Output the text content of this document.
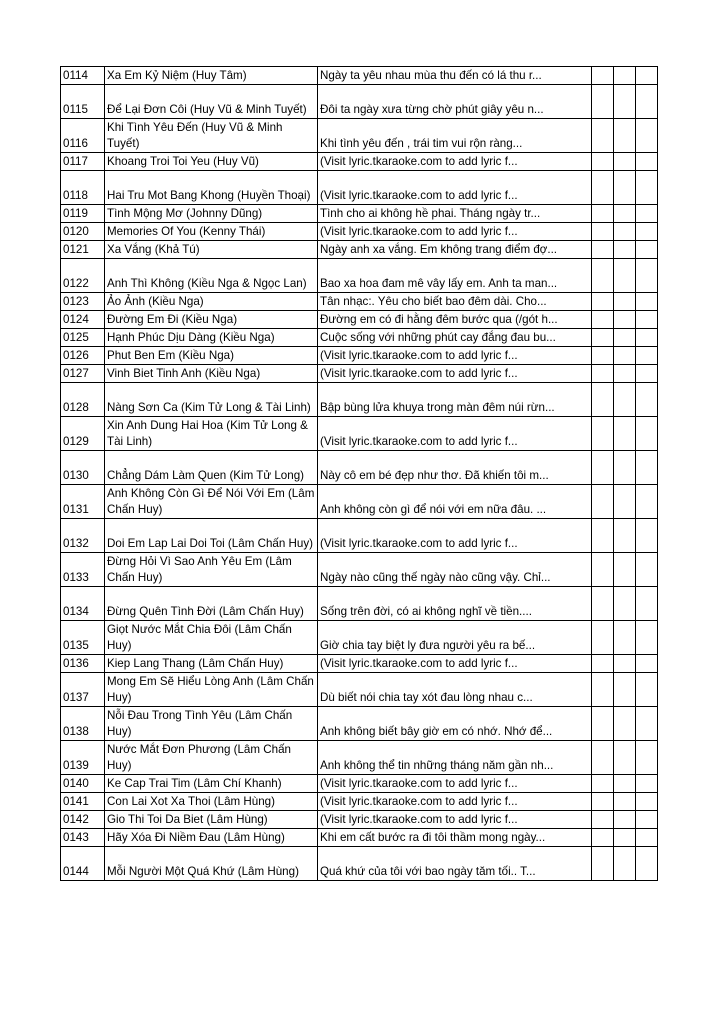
0114	Xa Em Kỷ Niệm (Huy Tâm)	Ngày ta yêu nhau mùa thu đến có lá thu r...			
0115	Để Lại Đơn Côi (Huy Vũ & Minh Tuyết)	Đôi ta ngày xưa từng chờ phút giây yêu n...			
0116	Khi Tình Yêu Đến (Huy Vũ & Minh Tuyết)	Khi tình yêu đến , trái tim vui rộn ràng...			
0117	Khoang Troi Toi Yeu (Huy Vũ)	(Visit lyric.tkaraoke.com to add lyric f...			
0118	Hai Tru Mot Bang Khong (Huyền Thoại)	(Visit lyric.tkaraoke.com to add lyric f...			
0119	Tình Mộng Mơ (Johnny Dũng)	Tình cho ai không hề phai. Tháng ngày tr...			
0120	Memories Of You (Kenny Thái)	(Visit lyric.tkaraoke.com to add lyric f...			
0121	Xa Vắng (Khả Tú)	Ngày anh xa vắng. Em không trang điểm đợ...			
0122	Anh Thì Không (Kiều Nga & Ngọc Lan)	Bao xa hoa đam mê vây lấy em. Anh ta man...			
0123	Ảo Ảnh (Kiều Nga)	Tân nhạc:. Yêu cho biết bao đêm dài. Cho...			
0124	Đường Em Đi (Kiều Nga)	Đường em có đi hằng đêm bước qua (/gót h...			
0125	Hạnh Phúc Dịu Dàng (Kiều Nga)	Cuộc sống với những phút cay đắng đau bu...			
0126	Phut Ben Em (Kiều Nga)	(Visit lyric.tkaraoke.com to add lyric f...			
0127	Vinh Biet Tinh Anh (Kiều Nga)	(Visit lyric.tkaraoke.com to add lyric f...			
0128	Nàng Sơn Ca (Kim Tử Long & Tài Linh)	Bập bùng lửa khuya trong màn đêm núi rừn...			
0129	Xin Anh Dung Hai Hoa (Kim Tử Long & Tài Linh)	(Visit lyric.tkaraoke.com to add lyric f...			
0130	Chẳng Dám Làm Quen (Kim Tử Long)	Này cô em bé đẹp như thơ. Đã khiến tôi m...			
0131	Anh Không Còn Gì Để Nói Với Em (Lâm Chấn Huy)	Anh không còn gì để nói với em nữa đâu. ...			
0132	Doi Em Lap Lai Doi Toi (Lâm Chấn Huy)	(Visit lyric.tkaraoke.com to add lyric f...			
0133	Đừng Hỏi Vì Sao Anh Yêu Em (Lâm Chấn Huy)	Ngày nào cũng thế ngày nào cũng vậy. Chỉ...			
0134	Đừng Quên Tình Đời (Lâm Chấn Huy)	Sống trên đời, có ai không nghĩ về tiền....			
0135	Giọt Nước Mắt Chia Đôi (Lâm Chấn Huy)	Giờ chia tay biệt ly đưa người yêu ra bế...			
0136	Kiep Lang Thang (Lâm Chấn Huy)	(Visit lyric.tkaraoke.com to add lyric f...			
0137	Mong Em Sẽ Hiểu Lòng Anh (Lâm Chấn Huy)	Dù biết nói chia tay xót đau lòng nhau c...			
0138	Nỗi Đau Trong Tình Yêu (Lâm Chấn Huy)	Anh không biết bây giờ em có nhớ. Nhớ để...			
0139	Nước Mắt Đơn Phương (Lâm Chấn Huy)	Anh không thể tin những tháng năm gần nh...			
0140	Ke Cap Trai Tim (Lâm Chí Khanh)	(Visit lyric.tkaraoke.com to add lyric f...			
0141	Con Lai Xot Xa Thoi (Lâm Hùng)	(Visit lyric.tkaraoke.com to add lyric f...			
0142	Gio Thi Toi Da Biet (Lâm Hùng)	(Visit lyric.tkaraoke.com to add lyric f...			
0143	Hãy Xóa Đi Niềm Đau (Lâm Hùng)	Khi em cất bước ra đi tôi thầm mong ngày...			
0144	Mỗi Người Một Quá Khứ (Lâm Hùng)	Quá khứ của tôi với bao ngày tăm tối.. T...			
